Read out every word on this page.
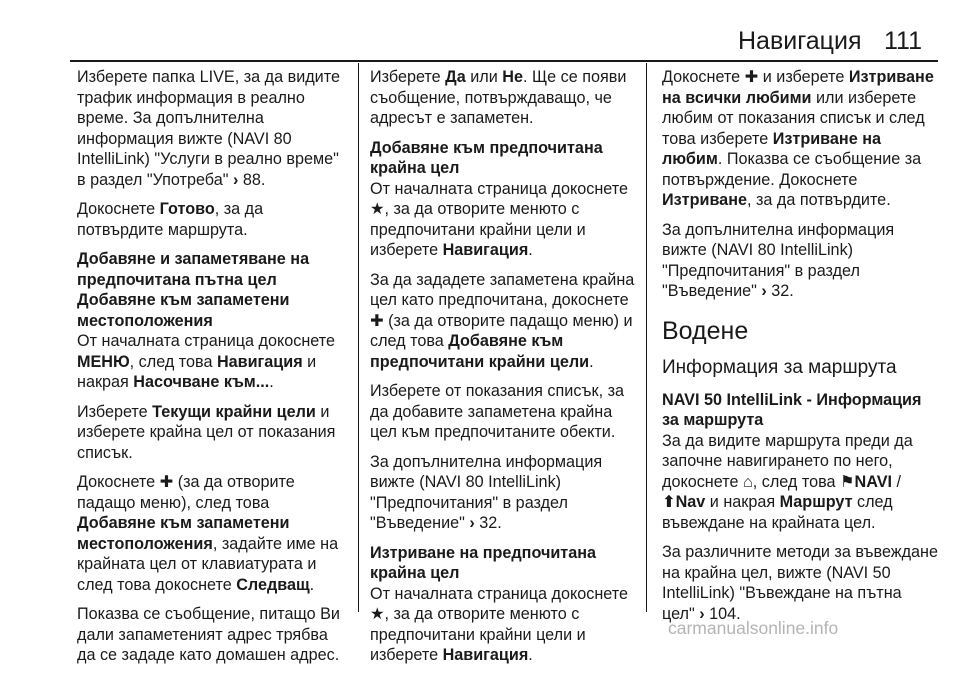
Навигация 111

Изберете папка LIVE, за да видите трафик информация в реално време. За допълнителна информация вижте (NAVI 80 IntelliLink) "Услуги в реално време" в раздел "Употреба" › 88.

Докоснете Готово, за да потвърдите маршрута.

Добавяне и запаметяване на предпочитана пътна цел
Добавяне към запаметени местоположения

От началната страница докоснете МЕНЮ, след това Навигация и накрая Насочване към....

Изберете Текущи крайни цели и изберете крайна цел от показания списък.

Докоснете ✚ (за да отворите падащо меню), след това Добавяне към запаметени местоположения, задайте име на крайната цел от клавиатурата и след това докоснете Следващ.

Показва се съобщение, питащо Ви дали запаметеният адрес трябва да се зададе като домашен адрес.

Изберете Да или Не. Ще се появи съобщение, потвърждаващо, че адресът е запаметен.

Добавяне към предпочитана крайна цел

От началната страница докоснете ★, за да отворите менюто с предпочитани крайни цели и изберете Навигация.

За да зададете запаметена крайна цел като предпочитана, докоснете ✚ (за да отворите падащо меню) и след това Добавяне към предпочитани крайни цели.

Изберете от показания списък, за да добавите запаметена крайна цел към предпочитаните обекти.

За допълнителна информация вижте (NAVI 80 IntelliLink) "Предпочитания" в раздел "Въведение" › 32.

Изтриване на предпочитана крайна цел

От началната страница докоснете ★, за да отворите менюто с предпочитани крайни цели и изберете Навигация.

Докоснете ✚ и изберете Изтриване на всички любими или изберете любим от показания списък и след това изберете Изтриване на любим. Показва се съобщение за потвърждение. Докоснете Изтриване, за да потвърдите.

За допълнителна информация вижте (NAVI 80 IntelliLink) "Предпочитания" в раздел "Въведение" › 32.

Водене
Информация за маршрута
NAVI 50 IntelliLink - Информация за маршрута

За да видите маршрута преди да започне навигирането по него, докоснете ⌂, след това ⚑NAVI / ⬆Nav и накрая Маршрут след въвеждане на крайната цел.

За различните методи за въвеждане на крайна цел, вижте (NAVI 50 IntelliLink) "Въвеждане на пътна цел" › 104.

carmanualsonline.info
